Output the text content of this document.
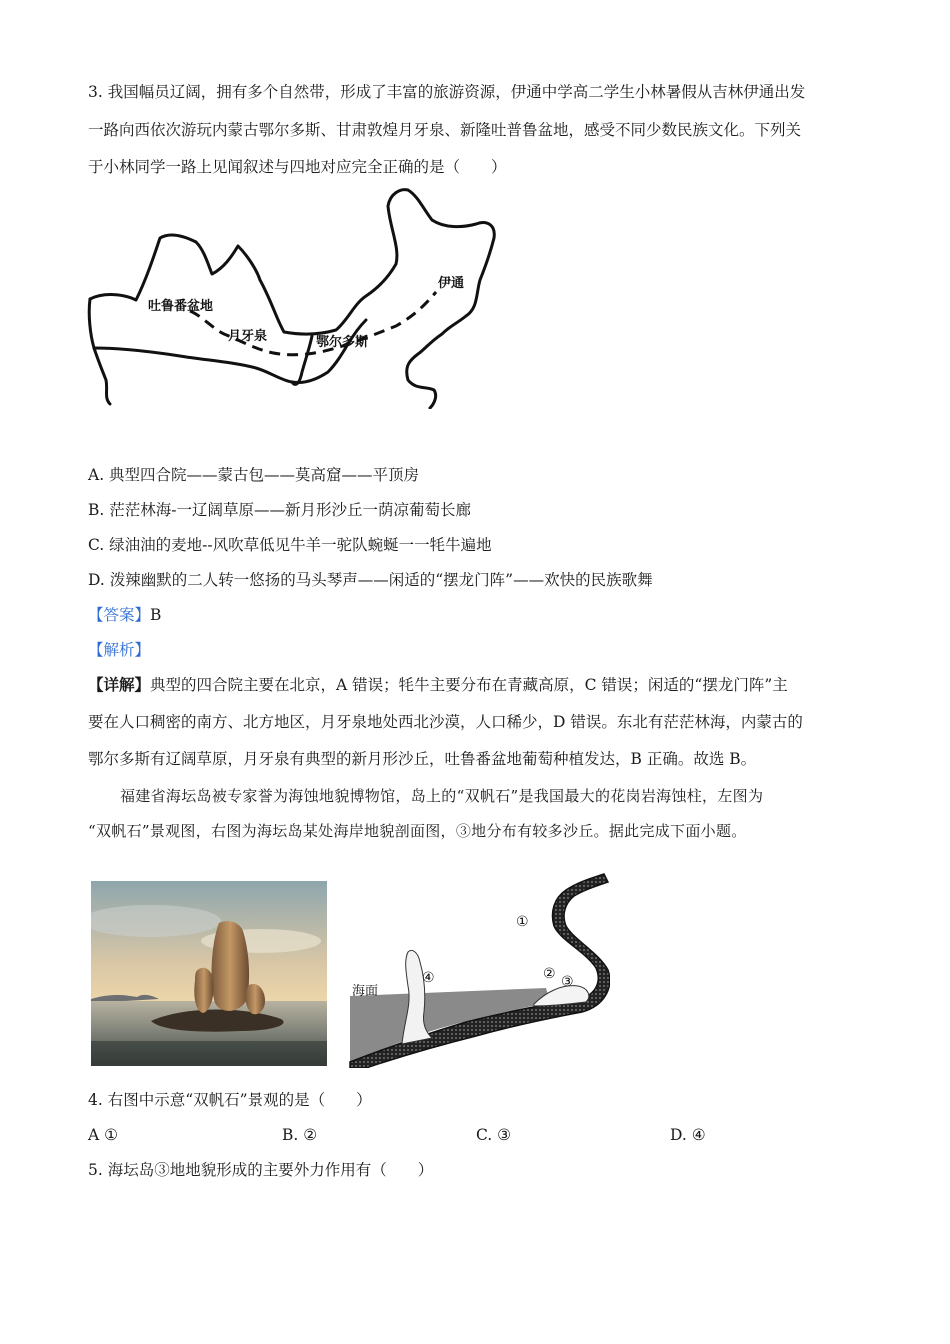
3. 我国幅员辽阔，拥有多个自然带，形成了丰富的旅游资源，伊通中学高二学生小林暑假从吉林伊通出发
一路向西依次游玩内蒙古鄂尔多斯、甘肃敦煌月牙泉、新隆吐普鲁盆地，感受不同少数民族文化。下列关
于小林同学一路上见闻叙述与四地对应完全正确的是（　　）
吐鲁番盆地
月牙泉	鄂尔多斯
伊通
A. 典型四合院——蒙古包——莫高窟——平顶房
B. 茫茫林海-一辽阔草原——新月形沙丘一荫凉葡萄长廊
C. 绿油油的麦地--风吹草低见牛羊一驼队蜿蜒一一牦牛遍地
D. 泼辣幽默的二人转一悠扬的马头琴声——闲适的“摆龙门阵”——欢快的民族歌舞
【答案】B
【解析】
【详解】典型的四合院主要在北京，A 错误；牦牛主要分布在青藏高原，C 错误；闲适的“摆龙门阵”主
要在人口稠密的南方、北方地区，月牙泉地处西北沙漠，人口稀少，D 错误。东北有茫茫林海，内蒙古的
鄂尔多斯有辽阔草原，月牙泉有典型的新月形沙丘，吐鲁番盆地葡萄种植发达，B 正确。故选 B。
福建省海坛岛被专家誉为海蚀地貌博物馆，岛上的“双帆石”是我国最大的花岗岩海蚀柱，左图为
“双帆石”景观图，右图为海坛岛某处海岸地貌剖面图，③地分布有较多沙丘。据此完成下面小题。
海面
①
② ③
④
4. 右图中示意“双帆石”景观的是（　　）
A ①	B. ②	C. ③	D. ④
5. 海坛岛③地地貌形成的主要外力作用有（　　）
